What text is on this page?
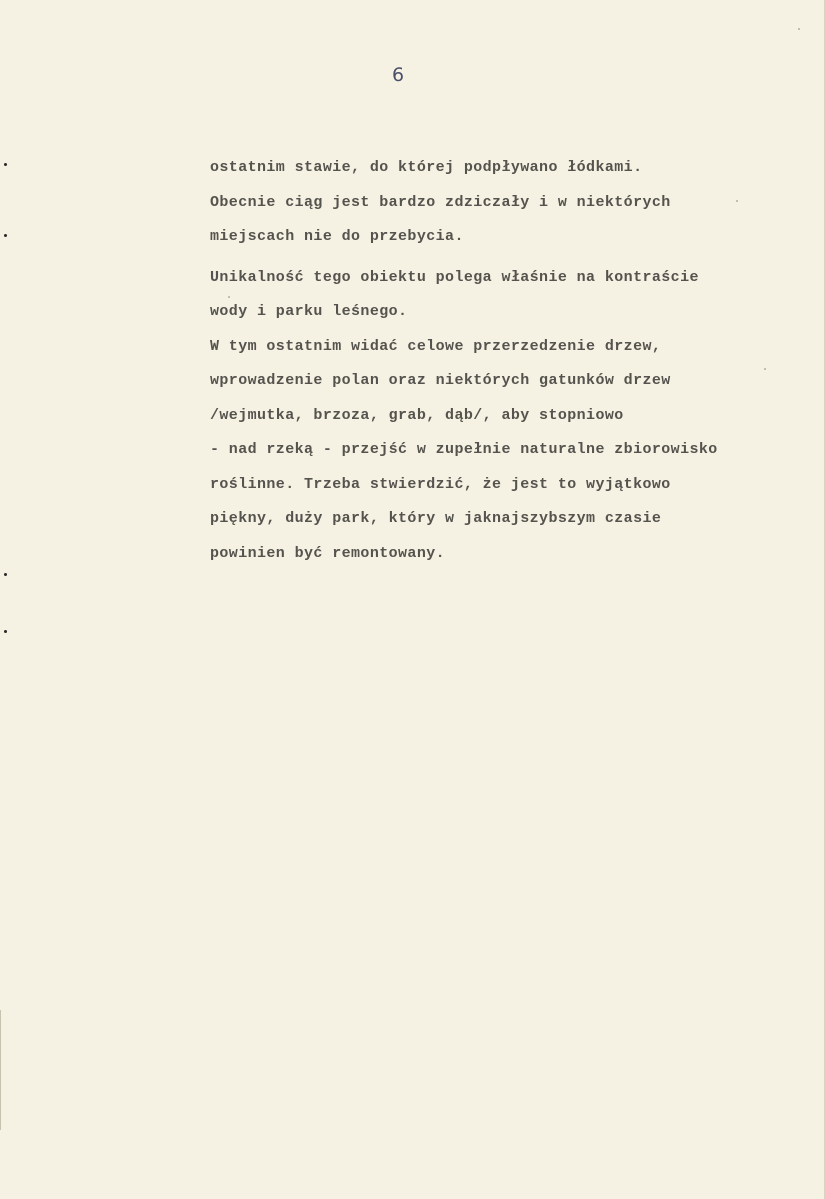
6
ostatnim stawie, do której podpływano łódkami.
Obecnie ciąg jest bardzo zdziczały i w niektórych
miejscach nie do przebycia.
Unikalność tego obiektu polega właśnie na kontraście
wody i parku leśnego.
W tym ostatnim widać celowe przerzedzenie drzew,
wprowadzenie polan oraz niektórych gatunków drzew
/wejmutka, brzoza, grab, dąb/, aby stopniowo
- nad rzeką - przejść w zupełnie naturalne zbiorowisko
roślinne. Trzeba stwierdzić, że jest to wyjątkowo
piękny, duży park, który w jaknajszybszym czasie
powinien być remontowany.
